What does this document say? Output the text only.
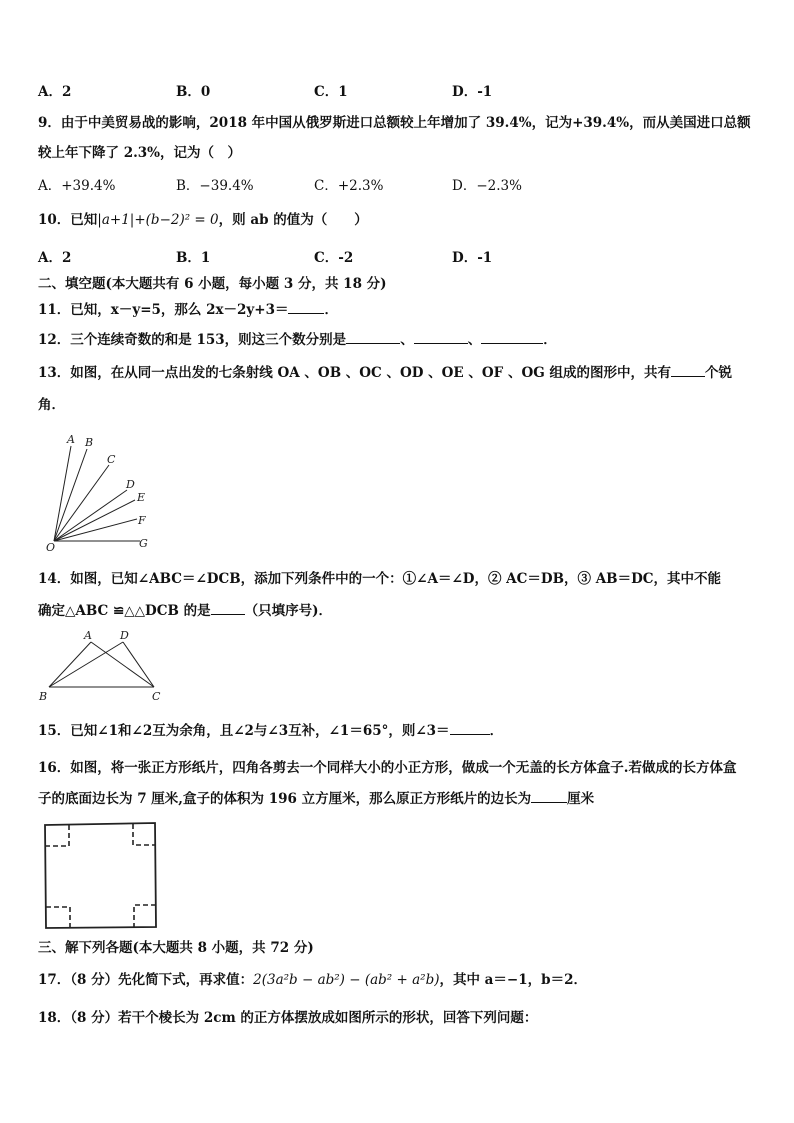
A．2	B．0	C．1	D．-1
9．由于中美贸易战的影响，2018 年中国从俄罗斯进口总额较上年增加了 39.4%，记为+39.4%，而从美国进口总额
较上年下降了 2.3%，记为（　）
A．+39.4%	B．−39.4%	C．+2.3%	D．−2.3%
10．已知|a+1|+(b−2)² = 0，则 ab 的值为（　　）
A．2	B．1	C．-2	D．-1
二、填空题(本大题共有 6 小题，每小题 3 分，共 18 分)
11．已知，x－y=5，那么 2x－2y+3＝	．
12．三个连续奇数的和是 153，则这三个数分别是	、	、	．
13．如图，在从同一点出发的七条射线 OA 、OB 、OC 、OD 、OE 、OF 、OG 组成的图形中，共有	个锐
角．
A B
C
D
E
F
G
O
14．如图，已知∠ABC＝∠DCB，添加下列条件中的一个：①∠A＝∠D，② AC＝DB，③ AB＝DC，其中不能
确定△ABC ≌△△DCB 的是	（只填序号)．
A	D
B	C
15．已知∠1和∠2互为余角，且∠2与∠3互补，∠1＝65°，则∠3＝	．
16．如图，将一张正方形纸片，四角各剪去一个同样大小的小正方形，做成一个无盖的长方体盒子.若做成的长方体盒
子的底面边长为 7 厘米,盒子的体积为 196 立方厘米，那么原正方形纸片的边长为	厘米
三、解下列各题(本大题共 8 小题，共 72 分)
17．（8 分）先化简下式，再求值：2(3a²b − ab²) − (ab² + a²b)，其中 a＝−1，b＝2．
18．（8 分）若干个棱长为 2cm 的正方体摆放成如图所示的形状，回答下列问题：
